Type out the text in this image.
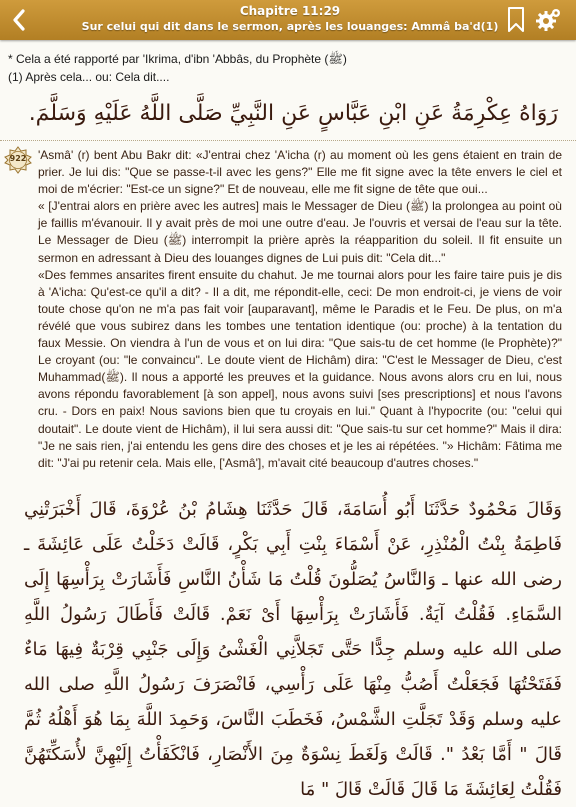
Chapitre 11:29
Sur celui qui dit dans le sermon, après les louanges: Ammâ ba'd(1)
* Cela a été rapporté par 'Ikrima, d'ibn 'Abbâs, du Prophète (ﷺ)
(1) Après cela... ou: Cela dit....
رَوَاهُ عِكْرِمَةُ عَنِ ابْنِ عَبَّاسٍ عَنِ النَّبِيِّ صَلَّى اللَّهُ عَلَيْهِ وَسَلَّمَ.
922 'Asmâ' (r) bent Abu Bakr dit: «J'entrai chez 'A'icha (r) au moment où les gens étaient en train de prier. Je lui dis: "Que se passe-t-il avec les gens?" Elle me fit signe avec la tête envers le ciel et moi de m'écrier: "Est-ce un signe?" Et de nouveau, elle me fit signe de tête que oui...

« [J'entrai alors en prière avec les autres] mais le Messager de Dieu (ﷺ) la prolongea au point où je faillis m'évanouir. Il y avait près de moi une outre d'eau. Je l'ouvris et versai de l'eau sur la tête. Le Messager de Dieu (ﷺ) interrompit la prière après la réapparition du soleil. Il fit ensuite un sermon en adressant à Dieu des louanges dignes de Lui puis dit: "Cela dit..."

«Des femmes ansarites firent ensuite du chahut. Je me tournai alors pour les faire taire puis je dis à 'A'icha: Qu'est-ce qu'il a dit? - Il a dit, me répondit-elle, ceci: De mon endroit-ci, je viens de voir toute chose qu'on ne m'a pas fait voir [auparavant], même le Paradis et le Feu. De plus, on m'a révélé que vous subirez dans les tombes une tentation identique (ou: proche) à la tentation du faux Messie. On viendra à l'un de vous et on lui dira: "Que sais-tu de cet homme (le Prophète)?" Le croyant (ou: "le convaincu". Le doute vient de Hichâm) dira: "C'est le Messager de Dieu, c'est Muhammad(ﷺ). Il nous a apporté les preuves et la guidance. Nous avons alors cru en lui, nous avons répondu favorablement [à son appel], nous avons suivi [ses prescriptions] et nous l'avons cru. - Dors en paix! Nous savions bien que tu croyais en lui." Quant à l'hypocrite (ou: "celui qui doutait". Le doute vient de Hichâm), il lui sera aussi dit: "Que sais-tu sur cet homme?" Mais il dira: "Je ne sais rien, j'ai entendu les gens dire des choses et je les ai répétées. "» Hichâm: Fâtima me dit: "J'ai pu retenir cela. Mais elle, ['Asmâ'], m'avait cité beaucoup d'autres choses."

وَقَالَ مَحْمُودٌ حَدَّثَنَا أَبُو أُسَامَةَ، قَالَ حَدَّثَنَا هِشَامُ بْنُ عُرْوَةَ، قَالَ أَخْبَرَتْنِي فَاطِمَةُ بِنْتُ الْمُنْذِرِ، عَنْ أَسْمَاءَ بِنْتِ أَبِي بَكْرٍ، قَالَتْ دَخَلْتُ عَلَى عَائِشَةَ ـ رضى الله عنها ـ وَالنَّاسُ يُصَلُّونَ قُلْتُ مَا شَأْنُ النَّاسِ فَأَشَارَتْ بِرَأْسِهَا إِلَى السَّمَاءِ. فَقُلْتُ آيَةٌ. فَأَشَارَتْ بِرَأْسِهَا أَىْ نَعَمْ. قَالَتْ فَأَطَالَ رَسُولُ اللَّهِ صلى الله عليه وسلم جِدًّا حَتَّى تَجَلاَّنِي الْغَشْىُ وَإِلَى جَنْبِي قِرْبَةٌ فِيهَا مَاءٌ فَفَتَحْتُهَا فَجَعَلْتُ أَصُبُّ مِنْهَا عَلَى رَأْسِي، فَانْصَرَفَ رَسُولُ اللَّهِ صلى الله عليه وسلم وَقَدْ تَجَلَّتِ الشَّمْسُ، فَخَطَبَ النَّاسَ، وَحَمِدَ اللَّهَ بِمَا هُوَ أَهْلُهُ ثُمَّ قَالَ " أَمَّا بَعْدُ ". قَالَتْ وَلَغَطَ نِسْوَةٌ مِنَ الأَنْصَارِ، فَانْكَفَأْتُ إِلَيْهِنَّ لأُسَكِّتَهُنَّ فَقُلْتُ لِعَائِشَةَ مَا قَالَ قَالَتْ قَالَ " مَا
